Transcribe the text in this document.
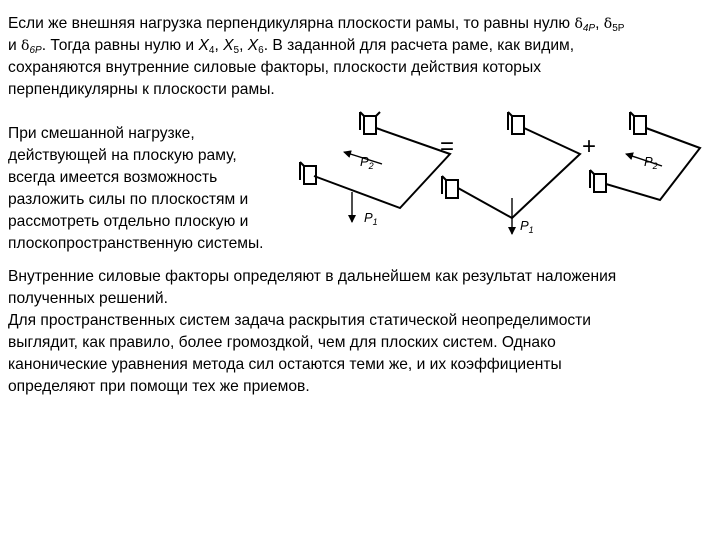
Если же внешняя нагрузка перпендикулярна плоскости рамы, то равны нулю $\delta_{4P}$, $\delta_{5P}$
и $\delta_{6P}$. Тогда равны нулю и $X_4$, $X_5$, $X_6$. В заданной для расчета раме, как видим,
сохраняются внутренние силовые факторы, плоскости действия которых
перпендикулярны к плоскости рамы.
При смешанной нагрузке,
действующей на плоскую раму,
всегда имеется возможность
разложить силы по плоскостям и
рассмотреть отдельно плоскую и
плоскопространственную системы.
$P_2$
$P_1$
=
$P_1$
+
$P_2$
Внутренние силовые факторы определяют в дальнейшем как результат наложения
полученных решений.
Для пространственных систем задача раскрытия статической неопределимости
выглядит, как правило, более громоздкой, чем для плоских систем. Однако
канонические уравнения метода сил остаются теми же, и их коэффициенты
определяют при помощи тех же приемов.
